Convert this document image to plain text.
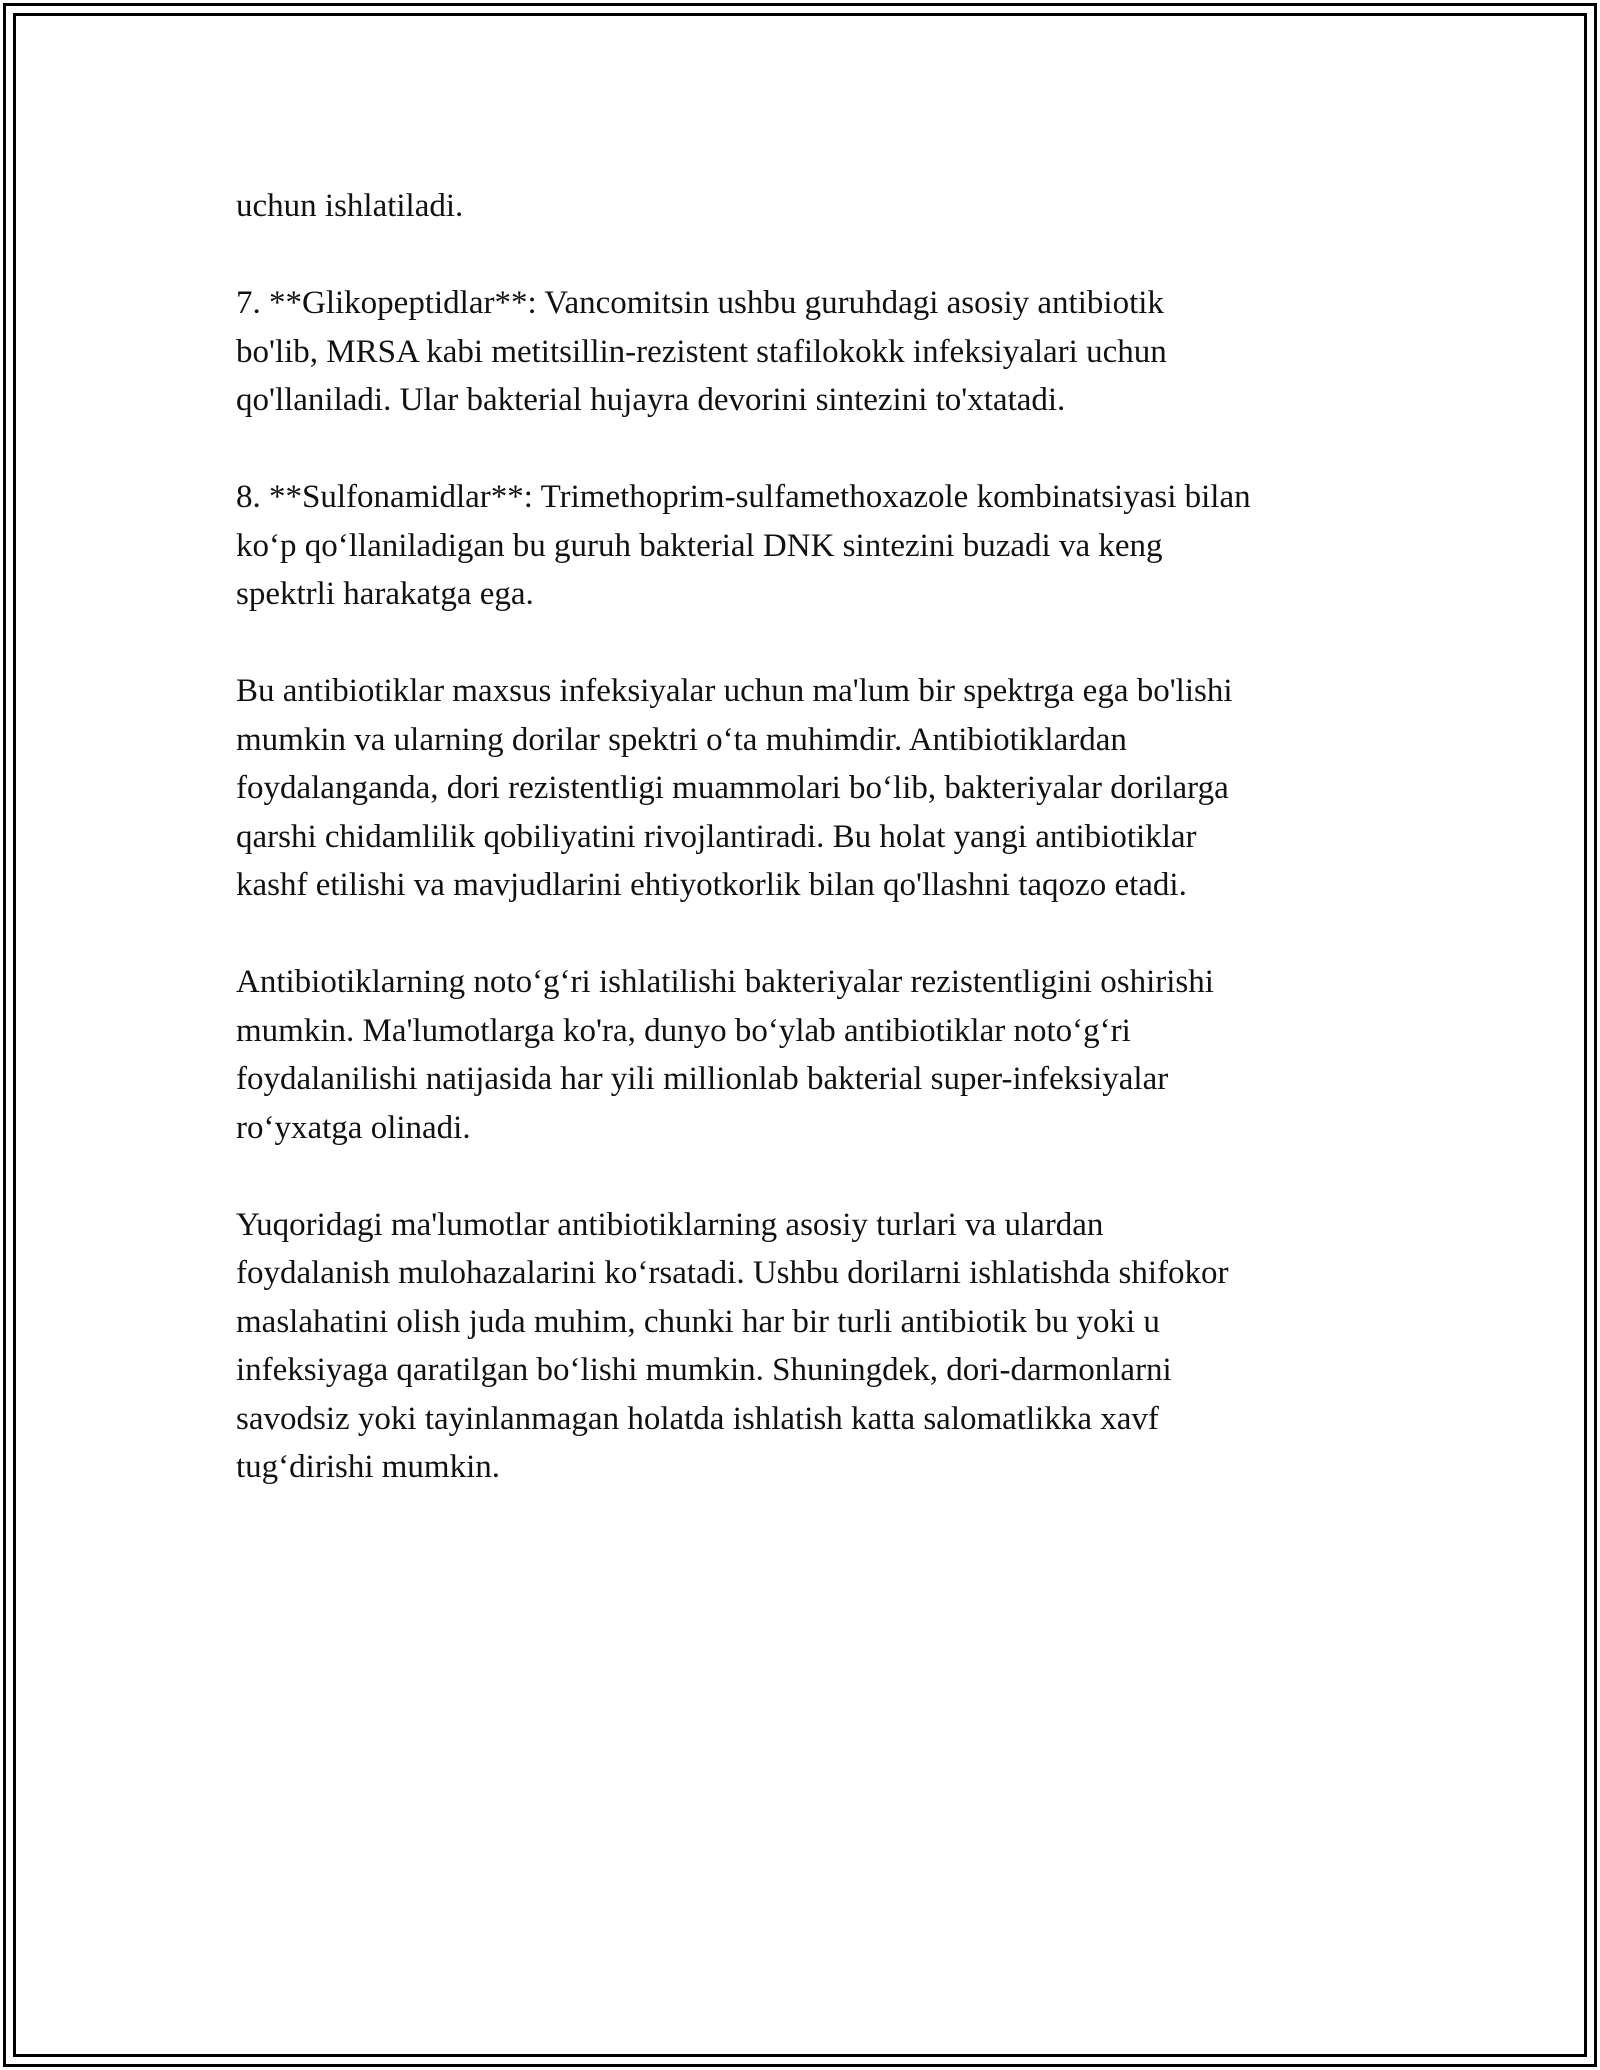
uchun ishlatiladi.

7. **Glikopeptidlar**: Vancomitsin ushbu guruhdagi asosiy antibiotik
bo'lib, MRSA kabi metitsillin-rezistent stafilokokk infeksiyalari uchun
qo'llaniladi. Ular bakterial hujayra devorini sintezini to'xtatadi.

8. **Sulfonamidlar**: Trimethoprim-sulfamethoxazole kombinatsiyasi bilan
ko‘p qo‘llaniladigan bu guruh bakterial DNK sintezini buzadi va keng
spektrli harakatga ega.

Bu antibiotiklar maxsus infeksiyalar uchun ma'lum bir spektrga ega bo'lishi
mumkin va ularning dorilar spektri o‘ta muhimdir. Antibiotiklardan
foydalanganda, dori rezistentligi muammolari bo‘lib, bakteriyalar dorilarga
qarshi chidamlilik qobiliyatini rivojlantiradi. Bu holat yangi antibiotiklar
kashf etilishi va mavjudlarini ehtiyotkorlik bilan qo'llashni taqozo etadi.

Antibiotiklarning noto‘g‘ri ishlatilishi bakteriyalar rezistentligini oshirishi
mumkin. Ma'lumotlarga ko'ra, dunyo bo‘ylab antibiotiklar noto‘g‘ri
foydalanilishi natijasida har yili millionlab bakterial super-infeksiyalar
ro‘yxatga olinadi.

Yuqoridagi ma'lumotlar antibiotiklarning asosiy turlari va ulardan
foydalanish mulohazalarini ko‘rsatadi. Ushbu dorilarni ishlatishda shifokor
maslahatini olish juda muhim, chunki har bir turli antibiotik bu yoki u
infeksiyaga qaratilgan bo‘lishi mumkin. Shuningdek, dori-darmonlarni
savodsiz yoki tayinlanmagan holatda ishlatish katta salomatlikka xavf
tug‘dirishi mumkin.
